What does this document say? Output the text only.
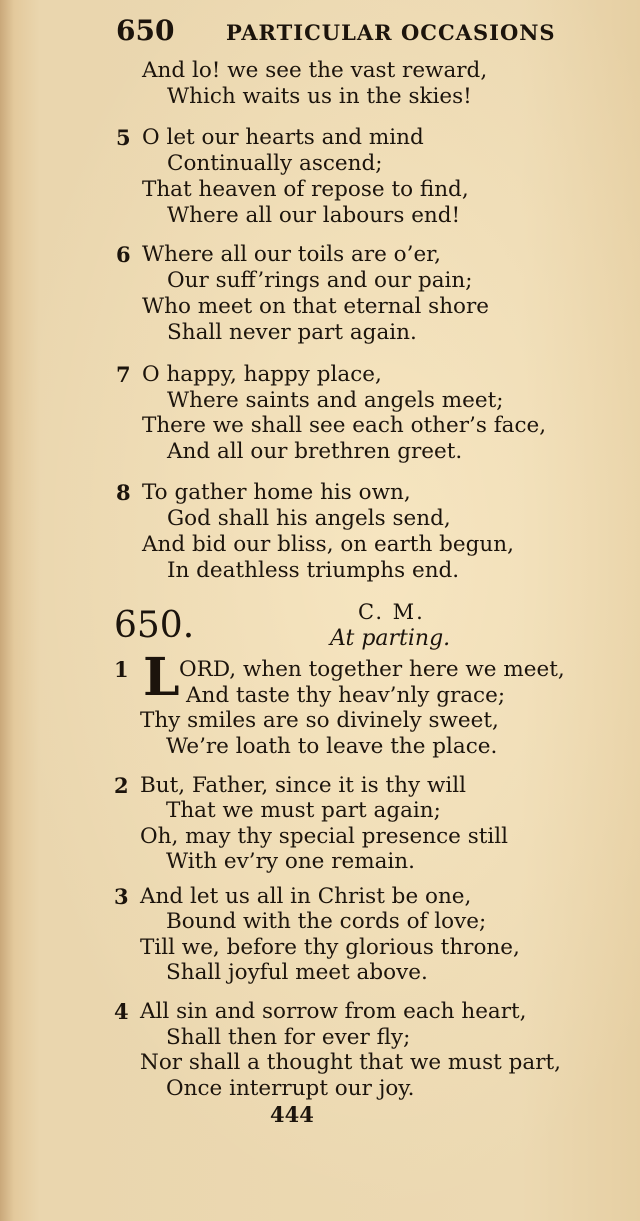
650 PARTICULAR OCCASIONS
And lo! we see the vast reward,
Which waits us in the skies!
5 O let our hearts and mind
Continually ascend;
That heaven of repose to find,
Where all our labours end!
6 Where all our toils are o’er,
Our suff’rings and our pain;
Who meet on that eternal shore
Shall never part again.
7 O happy, happy place,
Where saints and angels meet;
There we shall see each other’s face,
And all our brethren greet.
8 To gather home his own,
God shall his angels send,
And bid our bliss, on earth begun,
In deathless triumphs end.
650.	C. M.
At parting.
1 L ORD, when together here we meet,
And taste thy heav’nly grace;
Thy smiles are so divinely sweet,
We’re loath to leave the place.
2 But, Father, since it is thy will
That we must part again;
Oh, may thy special presence still
With ev’ry one remain.
3 And let us all in Christ be one,
Bound with the cords of love;
Till we, before thy glorious throne,
Shall joyful meet above.
4 All sin and sorrow from each heart,
Shall then for ever fly;
Nor shall a thought that we must part,
Once interrupt our joy.
444
